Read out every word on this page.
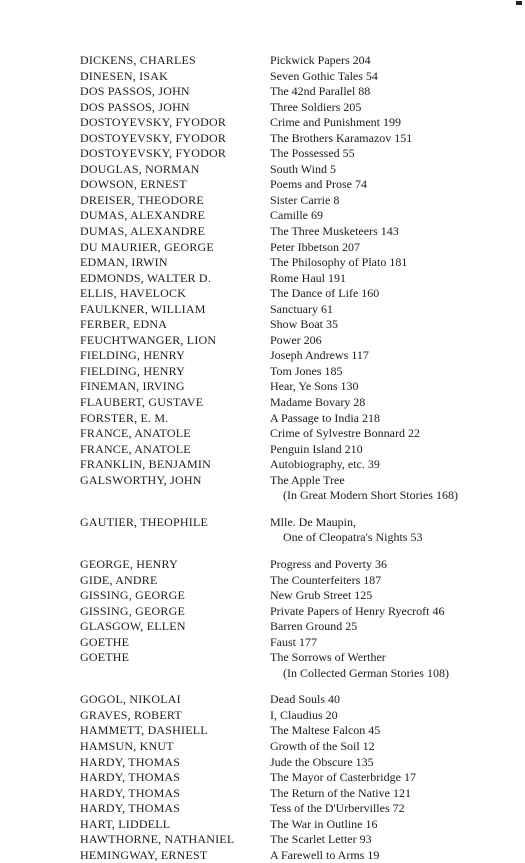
DICKENS, CHARLES	Pickwick Papers 204
DINESEN, ISAK	Seven Gothic Tales 54
DOS PASSOS, JOHN	The 42nd Parallel 88
DOS PASSOS, JOHN	Three Soldiers 205
DOSTOYEVSKY, FYODOR	Crime and Punishment 199
DOSTOYEVSKY, FYODOR	The Brothers Karamazov 151
DOSTOYEVSKY, FYODOR	The Possessed 55
DOUGLAS, NORMAN	South Wind 5
DOWSON, ERNEST	Poems and Prose 74
DREISER, THEODORE	Sister Carrie 8
DUMAS, ALEXANDRE	Camille 69
DUMAS, ALEXANDRE	The Three Musketeers 143
DU MAURIER, GEORGE	Peter Ibbetson 207
EDMAN, IRWIN	The Philosophy of Plato 181
EDMONDS, WALTER D.	Rome Haul 191
ELLIS, HAVELOCK	The Dance of Life 160
FAULKNER, WILLIAM	Sanctuary 61
FERBER, EDNA	Show Boat 35
FEUCHTWANGER, LION	Power 206
FIELDING, HENRY	Joseph Andrews 117
FIELDING, HENRY	Tom Jones 185
FINEMAN, IRVING	Hear, Ye Sons 130
FLAUBERT, GUSTAVE	Madame Bovary 28
FORSTER, E. M.	A Passage to India 218
FRANCE, ANATOLE	Crime of Sylvestre Bonnard 22
FRANCE, ANATOLE	Penguin Island 210
FRANKLIN, BENJAMIN	Autobiography, etc. 39
GALSWORTHY, JOHN	The Apple Tree
(In Great Modern Short Stories 168)
GAUTIER, THEOPHILE	Mlle. De Maupin,
One of Cleopatra's Nights 53
GEORGE, HENRY	Progress and Poverty 36
GIDE, ANDRE	The Counterfeiters 187
GISSING, GEORGE	New Grub Street 125
GISSING, GEORGE	Private Papers of Henry Ryecroft 46
GLASGOW, ELLEN	Barren Ground 25
GOETHE	Faust 177
GOETHE	The Sorrows of Werther
(In Collected German Stories 108)
GOGOL, NIKOLAI	Dead Souls 40
GRAVES, ROBERT	I, Claudius 20
HAMMETT, DASHIELL	The Maltese Falcon 45
HAMSUN, KNUT	Growth of the Soil 12
HARDY, THOMAS	Jude the Obscure 135
HARDY, THOMAS	The Mayor of Casterbridge 17
HARDY, THOMAS	The Return of the Native 121
HARDY, THOMAS	Tess of the D'Urbervilles 72
HART, LIDDELL	The War in Outline 16
HAWTHORNE, NATHANIEL	The Scarlet Letter 93
HEMINGWAY, ERNEST	A Farewell to Arms 19
